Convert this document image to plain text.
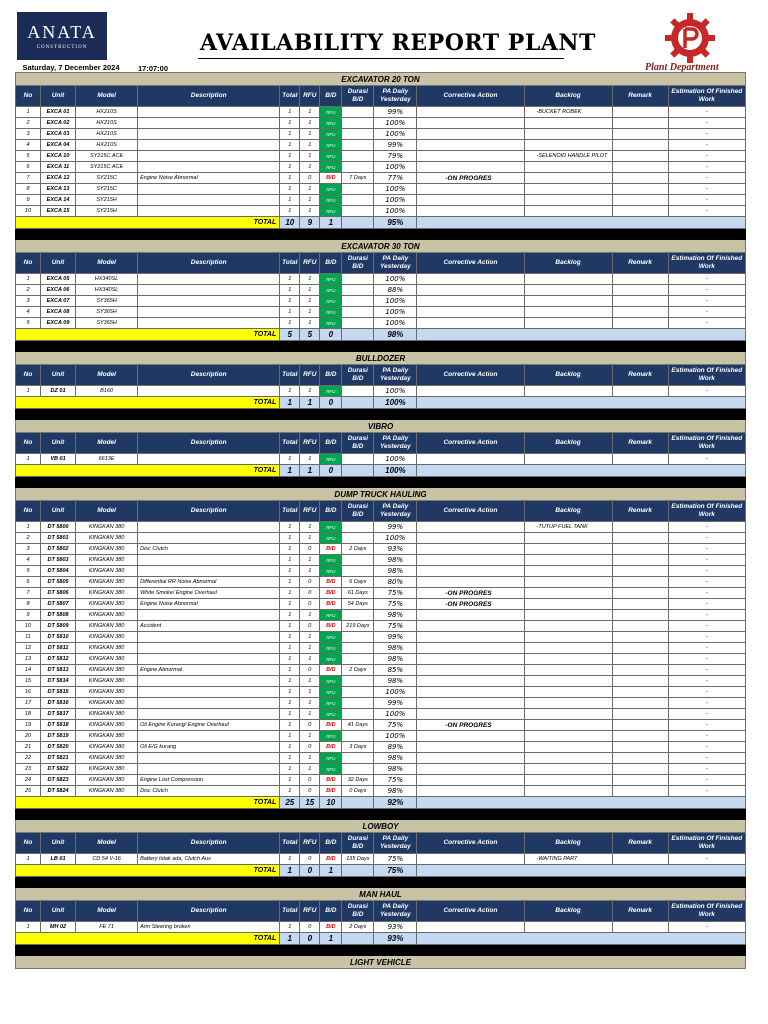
ANATA
CONSTRUCTION	AVAILABILITY REPORT PLANT
Plant Department
Saturday, 7 December 2024	17:07:00
EXCAVATOR 20 TON												
No	Unit	Model	Description	Total	RFU	B/D	Durasi B/D	PA Daily Yesterday	Corrective Action	Backlog	Remark	Estimation Of Finished Work
1	EXCA 01	HX210S		1	1	RFU		99%		-BUCKET ROBEK		-
2	EXCA 02	HX210S		1	1	RFU		100%				-
3	EXCA 03	HX210S		1	1	RFU		100%				-
4	EXCA 04	HX210S		1	1	RFU		99%				-
5	EXCA 10	SY215C ACE		1	1	RFU		79%		-SELENOID HANDLE PILOT		-
6	EXCA 11	SY215C ACE		1	1	RFU		100%				-
7	EXCA 12	SY215C	Engine Noise Abnormal	1	0	B/D	7 Days	77%	-ON PROGRES			-
8	EXCA 13	SY215C		1	1	RFU		100%				-
9	EXCA 14	SY215H		1	1	RFU		100%				-
10	EXCA 15	SY215H		1	1	RFU		100%				-
TOTAL				10	9	1		95%				

EXCAVATOR 30 TON												
No	Unit	Model	Description	Total	RFU	B/D	Durasi B/D	PA Daily Yesterday	Corrective Action	Backlog	Remark	Estimation Of Finished Work
1	EXCA 05	HX340SL		1	1	RFU		100%				-
2	EXCA 06	HX340SL		1	1	RFU		88%				-
3	EXCA 07	SY365H		1	1	RFU		100%				-
4	EXCA 08	SY365H		1	1	RFU		100%				-
5	EXCA 09	SY365H		1	1	RFU		100%				-
TOTAL				5	5	0		98%				

BULLDOZER												
No	Unit	Model	Description	Total	RFU	B/D	Durasi B/D	PA Daily Yesterday	Corrective Action	Backlog	Remark	Estimation Of Finished Work
1	DZ 01	B160		1	1	RFU		100%				-
TOTAL				1	1	0		100%				

VIBRO												
No	Unit	Model	Description	Total	RFU	B/D	Durasi B/D	PA Daily Yesterday	Corrective Action	Backlog	Remark	Estimation Of Finished Work
1	VB 01	6613E		1	1	RFU		100%				-
TOTAL				1	1	0		100%				

DUMP TRUCK HAULING												
No	Unit	Model	Description	Total	RFU	B/D	Durasi B/D	PA Daily Yesterday	Corrective Action	Backlog	Remark	Estimation Of Finished Work
1	DT 5800	KINGKAN 380		1	1	RFU		99%		-TUTUP FUEL TANK		-
2	DT 5801	KINGKAN 380		1	1	RFU		100%				-
3	DT 5802	KINGKAN 380	Disc Clutch	1	0	B/D	2 Days	93%				-
4	DT 5803	KINGKAN 380		1	1	RFU		98%				-
5	DT 5804	KINGKAN 380		1	1	RFU		98%				-
6	DT 5805	KINGKAN 380	Differential RR Noise Abnormal	1	0	B/D	6 Days	80%				-
7	DT 5806	KINGKAN 380	White Smoke/ Engine Overhaul	1	0	B/D	61 Days	75%	-ON PROGRES			-
8	DT 5807	KINGKAN 380	Engine Noise Abnormal	1	0	B/D	54 Days	75%	-ON PROGRES			-
9	DT 5808	KINGKAN 380		1	1	RFU		98%				-
10	DT 5809	KINGKAN 380	Accident	1	0	B/D	219 Days	75%				-
11	DT 5810	KINGKAN 380		1	1	RFU		99%				-
12	DT 5811	KINGKAN 380		1	1	RFU		98%				-
13	DT 5812	KINGKAN 380		1	1	RFU		98%				-
14	DT 5813	KINGKAN 380	Engine Abnormal	1	0	B/D	2 Days	85%				-
15	DT 5814	KINGKAN 380		1	1	RFU		98%				-
16	DT 5815	KINGKAN 380		1	1	RFU		100%				-
17	DT 5816	KINGKAN 380		1	1	RFU		99%				-
18	DT 5817	KINGKAN 380		1	1	RFU		100%				-
19	DT 5818	KINGKAN 380	Oli Engine Kurang/ Engine Overhaul	1	0	B/D	41 Days	75%	-ON PROGRES			-
20	DT 5819	KINGKAN 380		1	1	RFU		100%				-
21	DT 5820	KINGKAN 380	Oli E/G kurang	1	0	B/D	3 Days	89%				-
22	DT 5821	KINGKAN 380		1	1	RFU		98%				-
23	DT 5822	KINGKAN 380		1	1	RFU		98%				-
24	DT 5823	KINGKAN 380	Engine Lost Compression	1	0	B/D	32 Days	75%				-
25	DT 5824	KINGKAN 380	Disc Clutch	1	0	B/D	0 Days	98%				-
TOTAL				25	15	10		92%				

LOWBOY												
No	Unit	Model	Description	Total	RFU	B/D	Durasi B/D	PA Daily Yesterday	Corrective Action	Backlog	Remark	Estimation Of Finished Work
1	LB 01	CD 54 V-16	Battery tidak ada, Clutch Aus	1	0	B/D	135 Days	75%		-WAITING PART		-
TOTAL				1	0	1		75%				

MAN HAUL												
No	Unit	Model	Description	Total	RFU	B/D	Durasi B/D	PA Daily Yesterday	Corrective Action	Backlog	Remark	Estimation Of Finished Work
1	MH 02	FE 71	Arm Steering broken	1	0	B/D	2 Days	93%				-
TOTAL				1	0	1		93%				

LIGHT VEHICLE												
